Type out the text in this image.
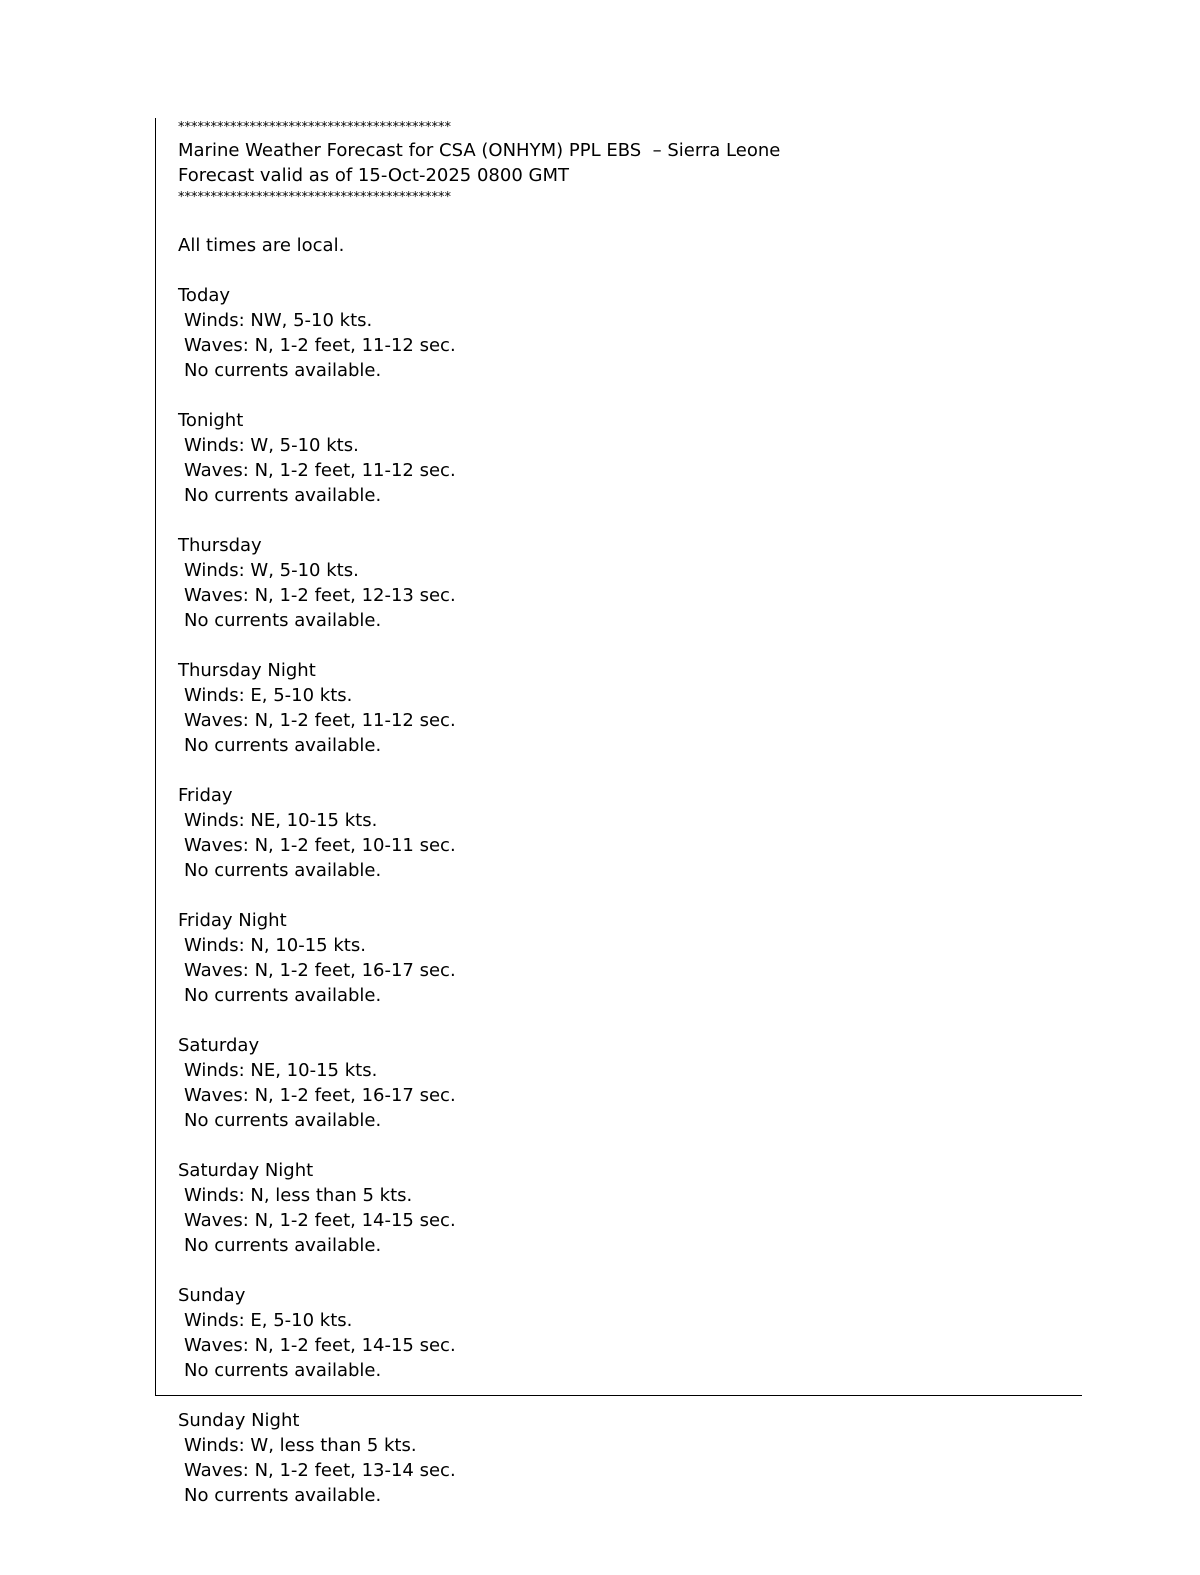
******************************************
Marine Weather Forecast for CSA (ONHYM) PPL EBS  – Sierra Leone
Forecast valid as of 15-Oct-2025 0800 GMT
******************************************
All times are local.
Today
Winds: NW, 5-10 kts.
Waves: N, 1-2 feet, 11-12 sec.
No currents available.
Tonight
Winds: W, 5-10 kts.
Waves: N, 1-2 feet, 11-12 sec.
No currents available.
Thursday
Winds: W, 5-10 kts.
Waves: N, 1-2 feet, 12-13 sec.
No currents available.
Thursday Night
Winds: E, 5-10 kts.
Waves: N, 1-2 feet, 11-12 sec.
No currents available.
Friday
Winds: NE, 10-15 kts.
Waves: N, 1-2 feet, 10-11 sec.
No currents available.
Friday Night
Winds: N, 10-15 kts.
Waves: N, 1-2 feet, 16-17 sec.
No currents available.
Saturday
Winds: NE, 10-15 kts.
Waves: N, 1-2 feet, 16-17 sec.
No currents available.
Saturday Night
Winds: N, less than 5 kts.
Waves: N, 1-2 feet, 14-15 sec.
No currents available.
Sunday
Winds: E, 5-10 kts.
Waves: N, 1-2 feet, 14-15 sec.
No currents available.
Sunday Night
Winds: W, less than 5 kts.
Waves: N, 1-2 feet, 13-14 sec.
No currents available.
